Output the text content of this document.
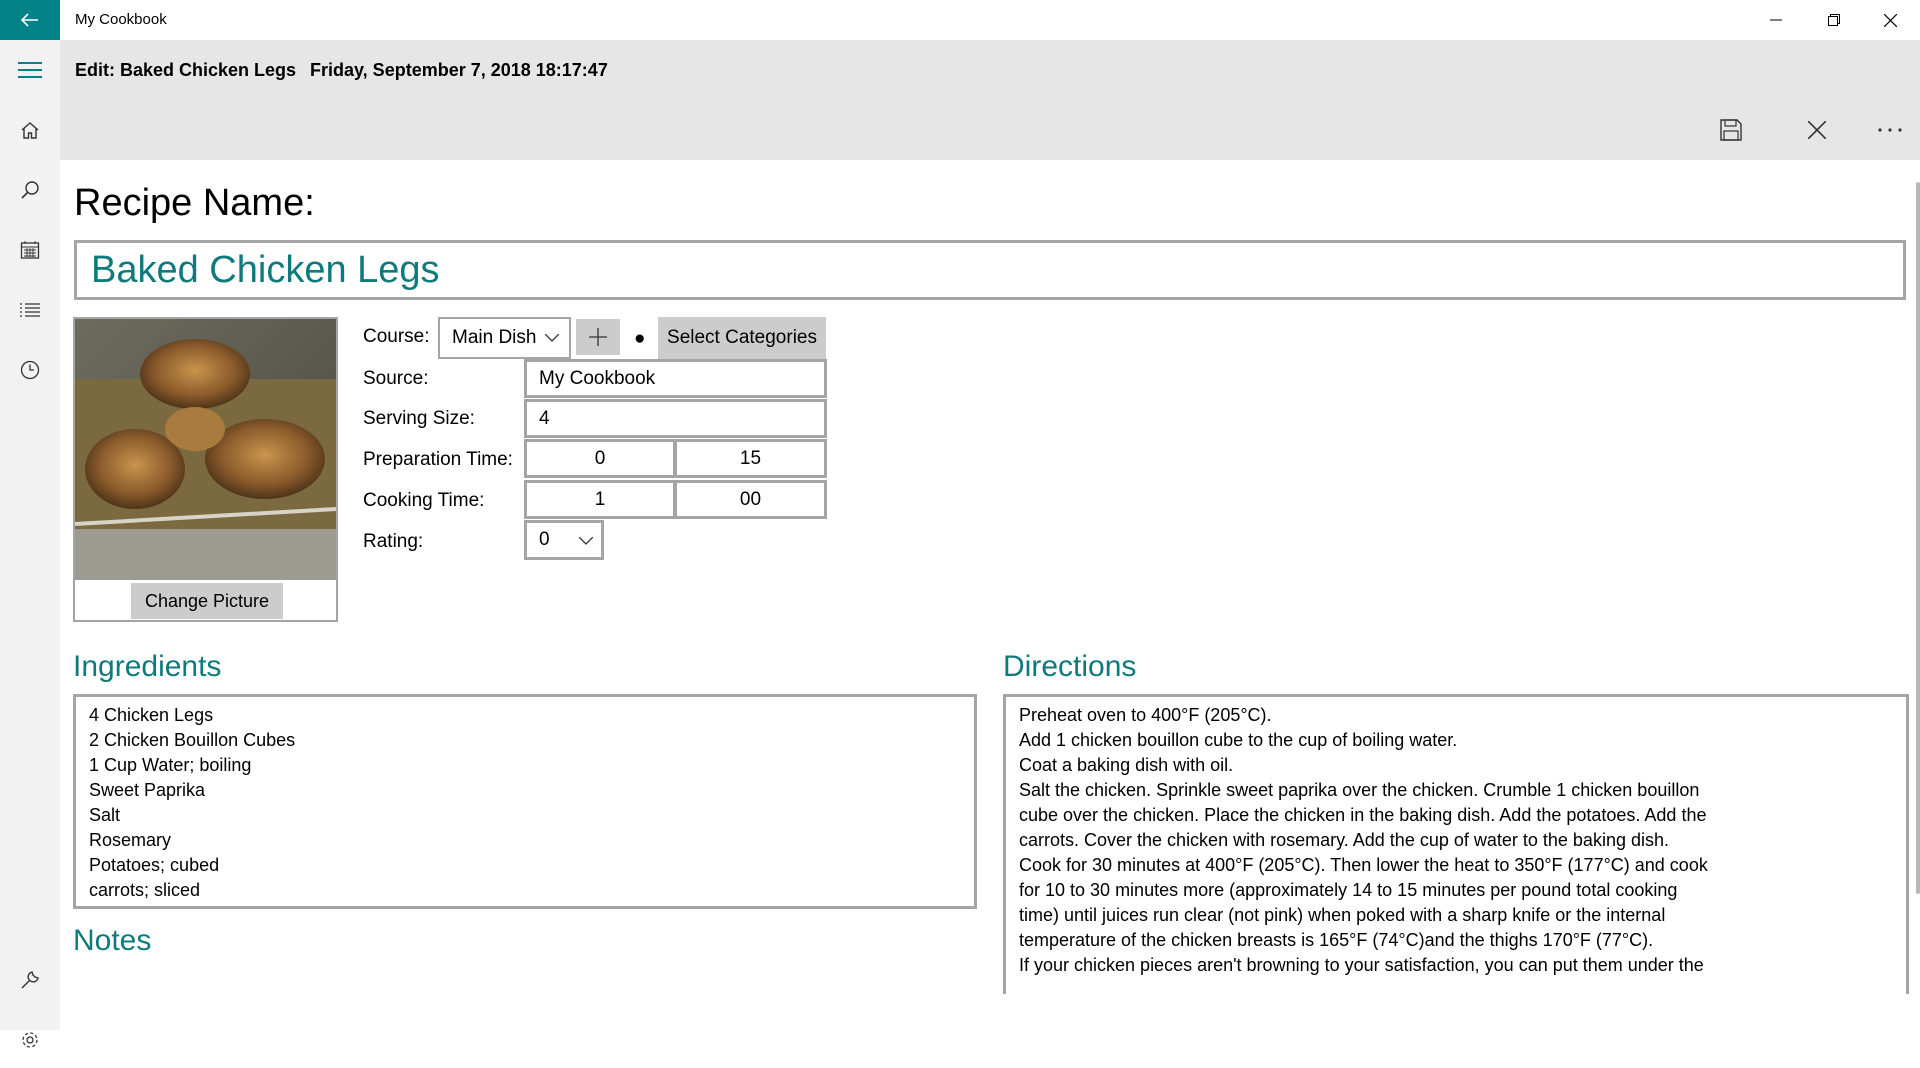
My Cookbook
Edit: Baked Chicken Legs Friday, September 7, 2018 18:17:47
Recipe Name:
Baked Chicken Legs
Change Picture
Course: Main Dish	●	Select Categories
Source:	My Cookbook
Serving Size:	4
Preparation Time:	0	15
Cooking Time:	1	00
Rating:	0
Ingredients
4 Chicken Legs
2 Chicken Bouillon Cubes
1 Cup Water; boiling
Sweet Paprika
Salt
Rosemary
Potatoes; cubed
carrots; sliced
Notes
Directions
Preheat oven to 400°F (205°C).
Add 1 chicken bouillon cube to the cup of boiling water.
Coat a baking dish with oil.
Salt the chicken. Sprinkle sweet paprika over the chicken. Crumble 1 chicken bouillon
cube over the chicken. Place the chicken in the baking dish. Add the potatoes. Add the
carrots. Cover the chicken with rosemary. Add the cup of water to the baking dish.
Cook for 30 minutes at 400°F (205°C). Then lower the heat to 350°F (177°C) and cook
for 10 to 30 minutes more (approximately 14 to 15 minutes per pound total cooking
time) until juices run clear (not pink) when poked with a sharp knife or the internal
temperature of the chicken breasts is 165°F (74°C)and the thighs 170°F (77°C).
If your chicken pieces aren't browning to your satisfaction, you can put them under the
